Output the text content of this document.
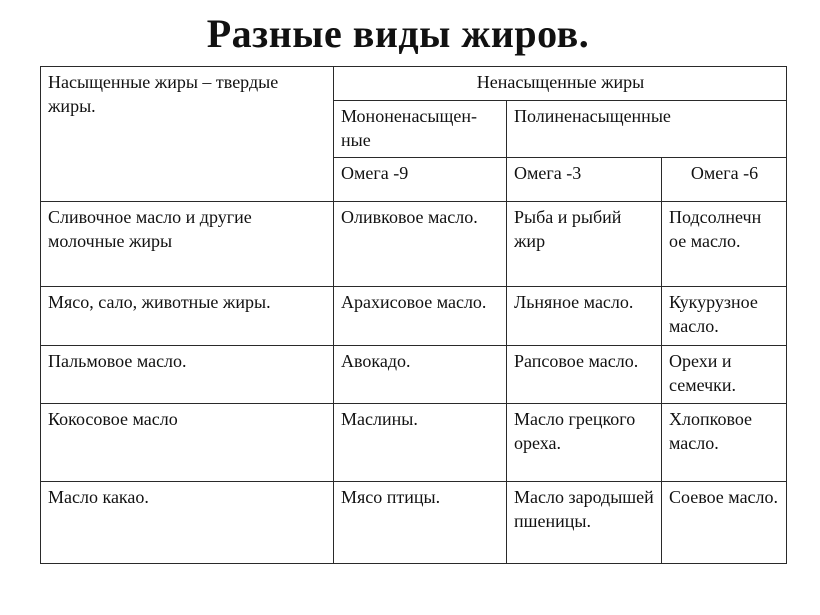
Разные виды жиров.
Насыщенные жиры – твердые жиры.	Ненасыщенные жиры		
	Мононенасыщен-ные	Полиненасыщенные	
	Омега -9	Омега -3	Омега -6
Сливочное масло и другие молочные жиры	Оливковое масло.	Рыба и рыбий жир	Подсолнечн ое масло.
Мясо, сало, животные жиры.	Арахисовое масло.	Льняное масло.	Кукурузное масло.
Пальмовое масло.	Авокадо.	Рапсовое масло.	Орехи и семечки.
Кокосовое масло	Маслины.	Масло грецкого ореха.	Хлопковое масло.
Масло какао.	Мясо птицы.	Масло зародышей пшеницы.	Соевое масло.
